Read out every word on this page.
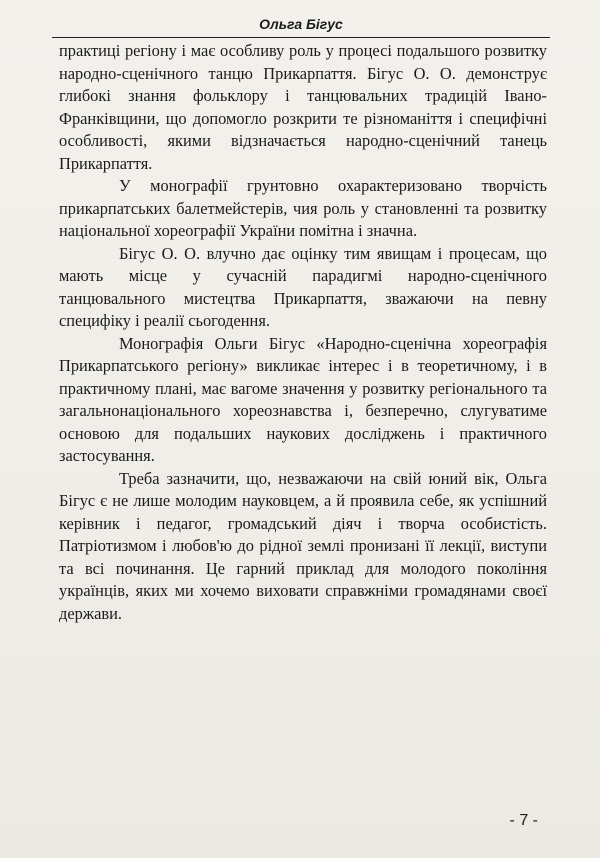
Ольга Бігус

практиці регіону і має особливу роль у процесі подальшого розвитку народно-сценічного танцю Прикарпаття. Бігус О. О. демонструє глибокі знання фольклору і танцювальних традицій Івано-Франківщини, що допомогло розкрити те різноманіття і специфічні особливості, якими відзначається народно-сценічний танець Прикарпаття.

У монографії грунтовно охарактеризовано творчість прикарпатських балетмейстерів, чия роль у становленні та розвитку національної хореографії України помітна і значна.

Бігус О. О. влучно дає оцінку тим явищам і процесам, що мають місце у сучасній парадигмі народно-сценічного танцювального мистецтва Прикарпаття, зважаючи на певну специфіку і реалії сьогодення.

Монографія Ольги Бігус «Народно-сценічна хореографія Прикарпатського регіону» викликає інтерес і в теоретичному, і в практичному плані, має вагоме значення у розвитку регіонального та загальнонаціонального хореознавства і, безперечно, слугуватиме основою для подальших наукових досліджень і практичного застосування.

Треба зазначити, що, незважаючи на свій юний вік, Ольга Бігус є не лише молодим науковцем, а й проявила себе, як успішний керівник і педагог, громадський діяч і творча особистість. Патріотизмом і любов'ю до рідної землі пронизані її лекції, виступи та всі починання. Це гарний приклад для молодого покоління українців, яких ми хочемо виховати справжніми громадянами своєї держави.

- 7 -
